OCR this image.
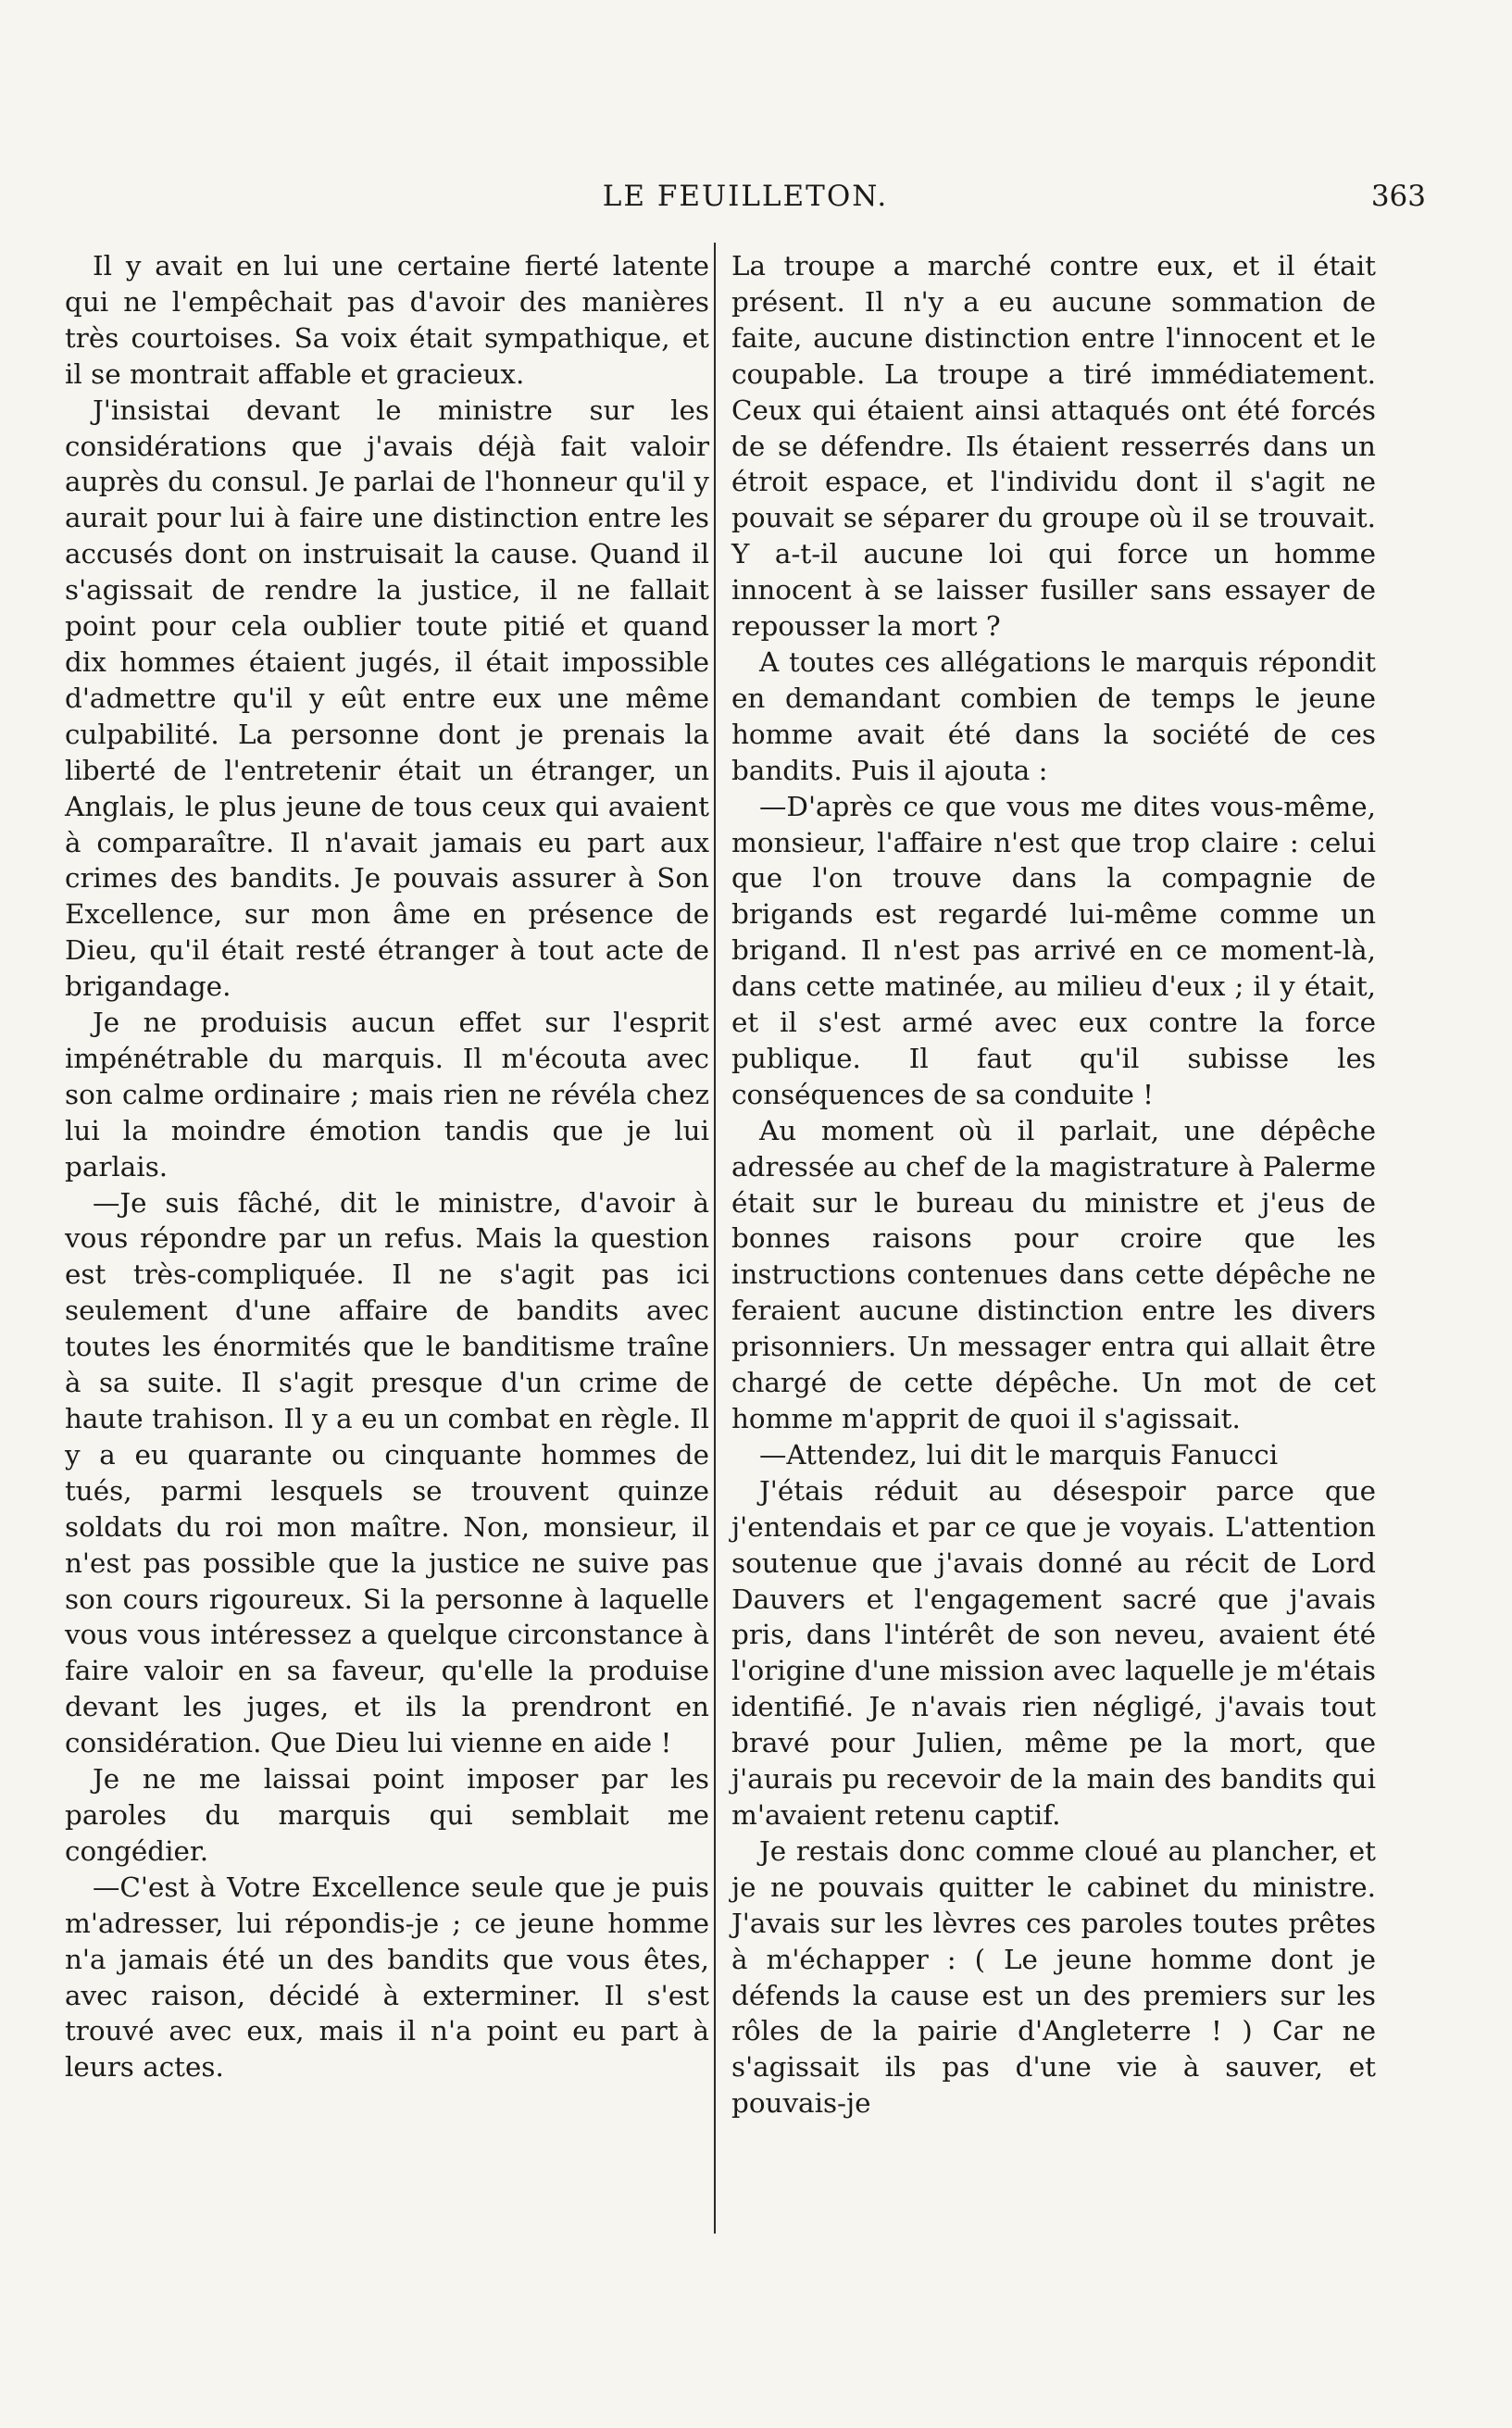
LE FEUILLETON.	363

Il y avait en lui une certaine fierté latente qui ne l'empêchait pas d'avoir des manières très courtoises. Sa voix était sympathique, et il se montrait affable et gracieux.

J'insistai devant le ministre sur les considérations que j'avais déjà fait valoir auprès du consul. Je parlai de l'honneur qu'il y aurait pour lui à faire une distinction entre les accusés dont on instruisait la cause. Quand il s'agissait de rendre la justice, il ne fallait point pour cela oublier toute pitié et quand dix hommes étaient jugés, il était impossible d'admettre qu'il y eût entre eux une même culpabilité. La personne dont je prenais la liberté de l'entretenir était un étranger, un Anglais, le plus jeune de tous ceux qui avaient à comparaître. Il n'avait jamais eu part aux crimes des bandits. Je pouvais assurer à Son Excellence, sur mon âme en présence de Dieu, qu'il était resté étranger à tout acte de brigandage.

Je ne produisis aucun effet sur l'esprit impénétrable du marquis. Il m'écouta avec son calme ordinaire ; mais rien ne révéla chez lui la moindre émotion tandis que je lui parlais.

—Je suis fâché, dit le ministre, d'avoir à vous répondre par un refus. Mais la question est très-compliquée. Il ne s'agit pas ici seulement d'une affaire de bandits avec toutes les énormités que le banditisme traîne à sa suite. Il s'agit presque d'un crime de haute trahison. Il y a eu un combat en règle. Il y a eu quarante ou cinquante hommes de tués, parmi lesquels se trouvent quinze soldats du roi mon maître. Non, monsieur, il n'est pas possible que la justice ne suive pas son cours rigoureux. Si la personne à laquelle vous vous intéressez a quelque circonstance à faire valoir en sa faveur, qu'elle la produise devant les juges, et ils la prendront en considération. Que Dieu lui vienne en aide !

Je ne me laissai point imposer par les paroles du marquis qui semblait me congédier.

—C'est à Votre Excellence seule que je puis m'adresser, lui répondis-je ; ce jeune homme n'a jamais été un des bandits que vous êtes, avec raison, décidé à exterminer. Il s'est trouvé avec eux, mais il n'a point eu part à leurs actes.

La troupe a marché contre eux, et il était présent. Il n'y a eu aucune sommation de faite, aucune distinction entre l'innocent et le coupable. La troupe a tiré immédiatement. Ceux qui étaient ainsi attaqués ont été forcés de se défendre. Ils étaient resserrés dans un étroit espace, et l'individu dont il s'agit ne pouvait se séparer du groupe où il se trouvait. Y a-t-il aucune loi qui force un homme innocent à se laisser fusiller sans essayer de repousser la mort ?

A toutes ces allégations le marquis répondit en demandant combien de temps le jeune homme avait été dans la société de ces bandits. Puis il ajouta :

—D'après ce que vous me dites vous-même, monsieur, l'affaire n'est que trop claire : celui que l'on trouve dans la compagnie de brigands est regardé lui-même comme un brigand. Il n'est pas arrivé en ce moment-là, dans cette matinée, au milieu d'eux ; il y était, et il s'est armé avec eux contre la force publique. Il faut qu'il subisse les conséquences de sa conduite !

Au moment où il parlait, une dépêche adressée au chef de la magistrature à Palerme était sur le bureau du ministre et j'eus de bonnes raisons pour croire que les instructions contenues dans cette dépêche ne feraient aucune distinction entre les divers prisonniers. Un messager entra qui allait être chargé de cette dépêche. Un mot de cet homme m'apprit de quoi il s'agissait.

—Attendez, lui dit le marquis Fanucci

J'étais réduit au désespoir parce que j'entendais et par ce que je voyais. L'attention soutenue que j'avais donné au récit de Lord Dauvers et l'engagement sacré que j'avais pris, dans l'intérêt de son neveu, avaient été l'origine d'une mission avec laquelle je m'étais identifié. Je n'avais rien négligé, j'avais tout bravé pour Julien, même pe la mort, que j'aurais pu recevoir de la main des bandits qui m'avaient retenu captif.

Je restais donc comme cloué au plancher, et je ne pouvais quitter le cabinet du ministre. J'avais sur les lèvres ces paroles toutes prêtes à m'échapper : ( Le jeune homme dont je défends la cause est un des premiers sur les rôles de la pairie d'Angleterre ! ) Car ne s'agissait ils pas d'une vie à sauver, et pouvais-je
